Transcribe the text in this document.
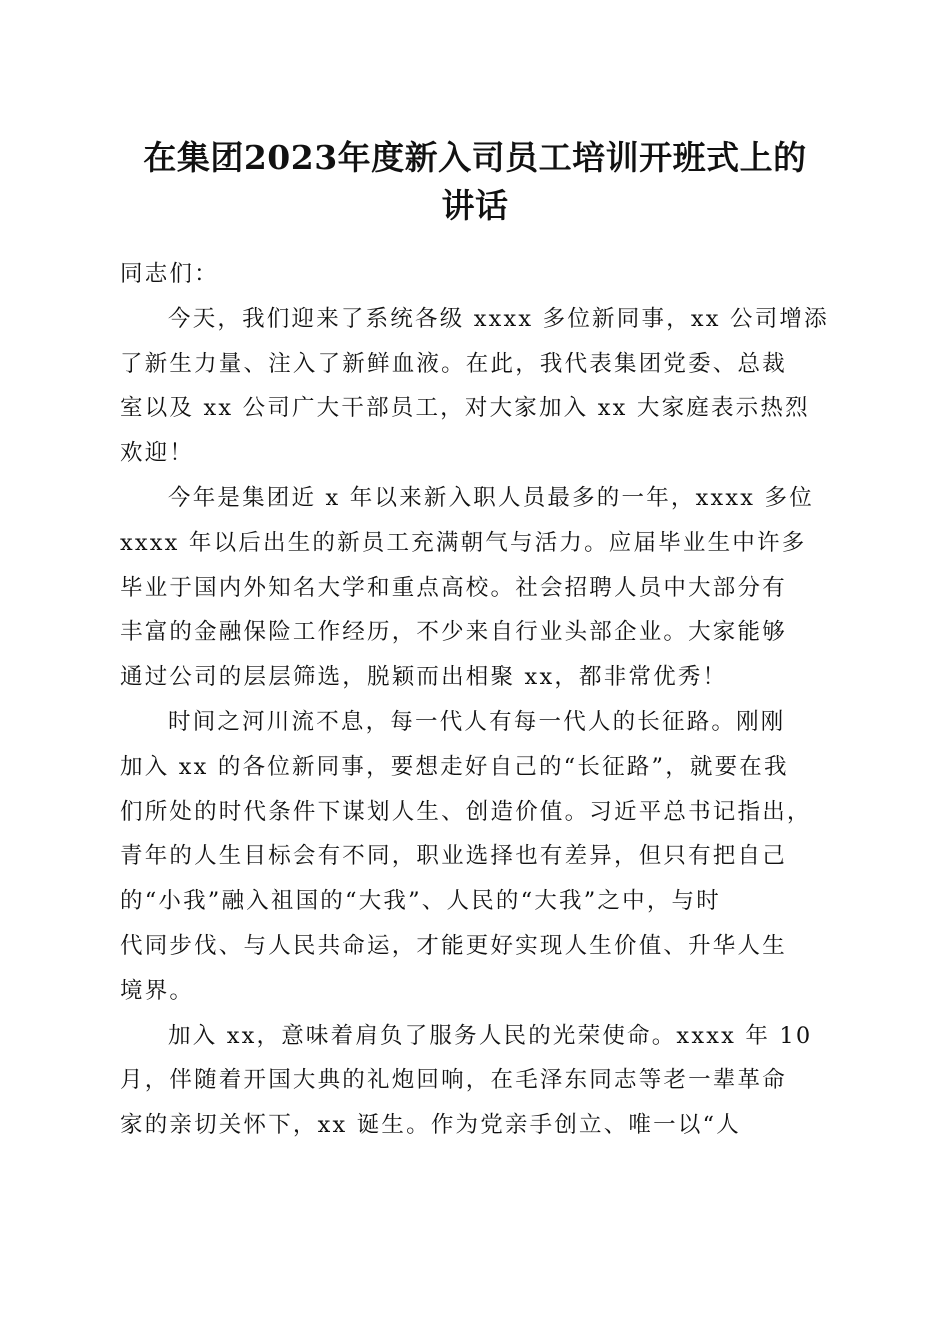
在集团2023年度新入司员工培训开班式上的
讲话

同志们：

今天，我们迎来了系统各级 xxxx 多位新同事，xx 公司增添
了新生力量、注入了新鲜血液。在此，我代表集团党委、总裁
室以及 xx 公司广大干部员工，对大家加入 xx 大家庭表示热烈
欢迎！

今年是集团近 x 年以来新入职人员最多的一年，xxxx 多位
xxxx 年以后出生的新员工充满朝气与活力。应届毕业生中许多
毕业于国内外知名大学和重点高校。社会招聘人员中大部分有
丰富的金融保险工作经历，不少来自行业头部企业。大家能够
通过公司的层层筛选，脱颖而出相聚 xx，都非常优秀！

时间之河川流不息，每一代人有每一代人的长征路。刚刚
加入 xx 的各位新同事，要想走好自己的“长征路”，就要在我
们所处的时代条件下谋划人生、创造价值。习近平总书记指出，
青年的人生目标会有不同，职业选择也有差异，但只有把自己
的“小我”融入祖国的“大我”、人民的“大我”之中，与时
代同步伐、与人民共命运，才能更好实现人生价值、升华人生
境界。

加入 xx，意味着肩负了服务人民的光荣使命。xxxx 年 10
月，伴随着开国大典的礼炮回响，在毛泽东同志等老一辈革命
家的亲切关怀下，xx 诞生。作为党亲手创立、唯一以“人
